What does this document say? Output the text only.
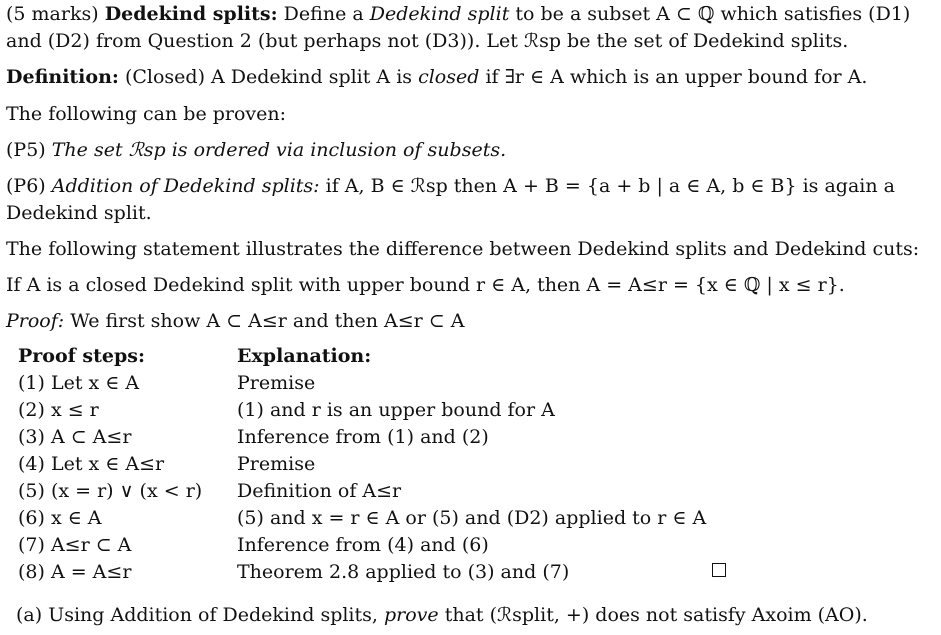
(5 marks) Dedekind splits: Define a Dedekind split to be a subset A ⊂ ℚ which satisfies (D1)
and (D2) from Question 2 (but perhaps not (D3)). Let ℛsp be the set of Dedekind splits.
Definition: (Closed) A Dedekind split A is closed if ∃r ∈ A which is an upper bound for A.
The following can be proven:
(P5) The set ℛsp is ordered via inclusion of subsets.
(P6) Addition of Dedekind splits: if A, B ∈ ℛsp then A + B = {a + b | a ∈ A, b ∈ B} is again a
Dedekind split.
The following statement illustrates the difference between Dedekind splits and Dedekind cuts:
If A is a closed Dedekind split with upper bound r ∈ A, then A = A≤r = {x ∈ ℚ | x ≤ r}.
Proof: We first show A ⊂ A≤r and then A≤r ⊂ A
Proof steps:	Explanation:
(1) Let x ∈ A	Premise
(2) x ≤ r	(1) and r is an upper bound for A
(3) A ⊂ A≤r	Inference from (1) and (2)
(4) Let x ∈ A≤r	Premise
(5) (x = r) ∨ (x < r) Definition of A≤r
(6) x ∈ A	(5) and x = r ∈ A or (5) and (D2) applied to r ∈ A
(7) A≤r ⊂ A	Inference from (4) and (6)
(8) A = A≤r	Theorem 2.8 applied to (3) and (7)
(a) Using Addition of Dedekind splits, prove that (ℛsplit, +) does not satisfy Axoim (AO).
